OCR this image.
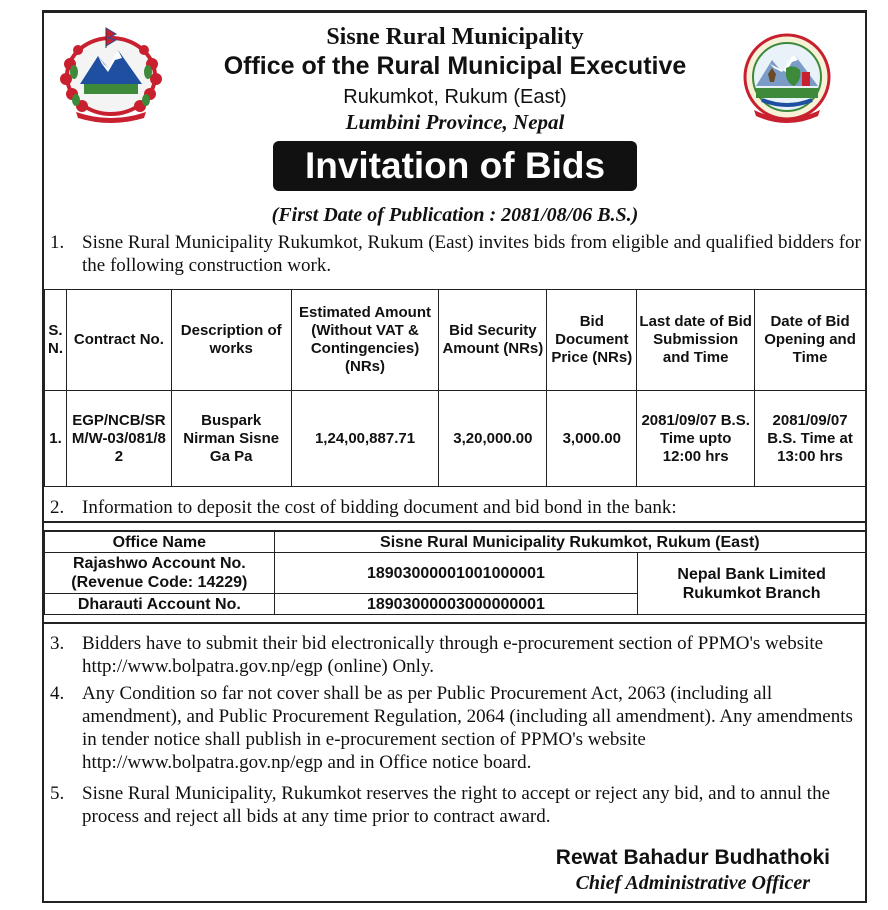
Sisne Rural Municipality
Office of the Rural Municipal Executive
Rukumkot, Rukum (East)
Lumbini Province, Nepal
Invitation of Bids
(First Date of Publication : 2081/08/06 B.S.)
1. Sisne Rural Municipality Rukumkot, Rukum (East) invites bids from eligible and qualified bidders for the following construction work.
S. N.	Contract No.	Description of works	Estimated Amount (Without VAT & Contingencies) (NRs)	Bid Security Amount (NRs)	Bid Document Price (NRs)	Last date of Bid Submission and Time	Date of Bid Opening and Time
1.	EGP/NCB/SRM/W-03/081/82	Buspark Nirman Sisne Ga Pa	1,24,00,887.71	3,20,000.00	3,000.00	2081/09/07 B.S. Time upto 12:00 hrs	2081/09/07 B.S. Time at 13:00 hrs
2. Information to deposit the cost of bidding document and bid bond in the bank:
Office Name	Sisne Rural Municipality Rukumkot, Rukum (East)	
Rajashwo Account No. (Revenue Code: 14229)	18903000001001000001	Nepal Bank Limited Rukumkot Branch
Dharauti Account No.	18903000003000000001	
3. Bidders have to submit their bid electronically through e-procurement section of PPMO's website http://www.bolpatra.gov.np/egp (online) Only.
4. Any Condition so far not cover shall be as per Public Procurement Act, 2063 (including all amendment), and Public Procurement Regulation, 2064 (including all amendment). Any amendments in tender notice shall publish in e-procurement section of PPMO's website http://www.bolpatra.gov.np/egp and in Office notice board.
5. Sisne Rural Municipality, Rukumkot reserves the right to accept or reject any bid, and to annul the process and reject all bids at any time prior to contract award.
Rewat Bahadur Budhathoki
Chief Administrative Officer
